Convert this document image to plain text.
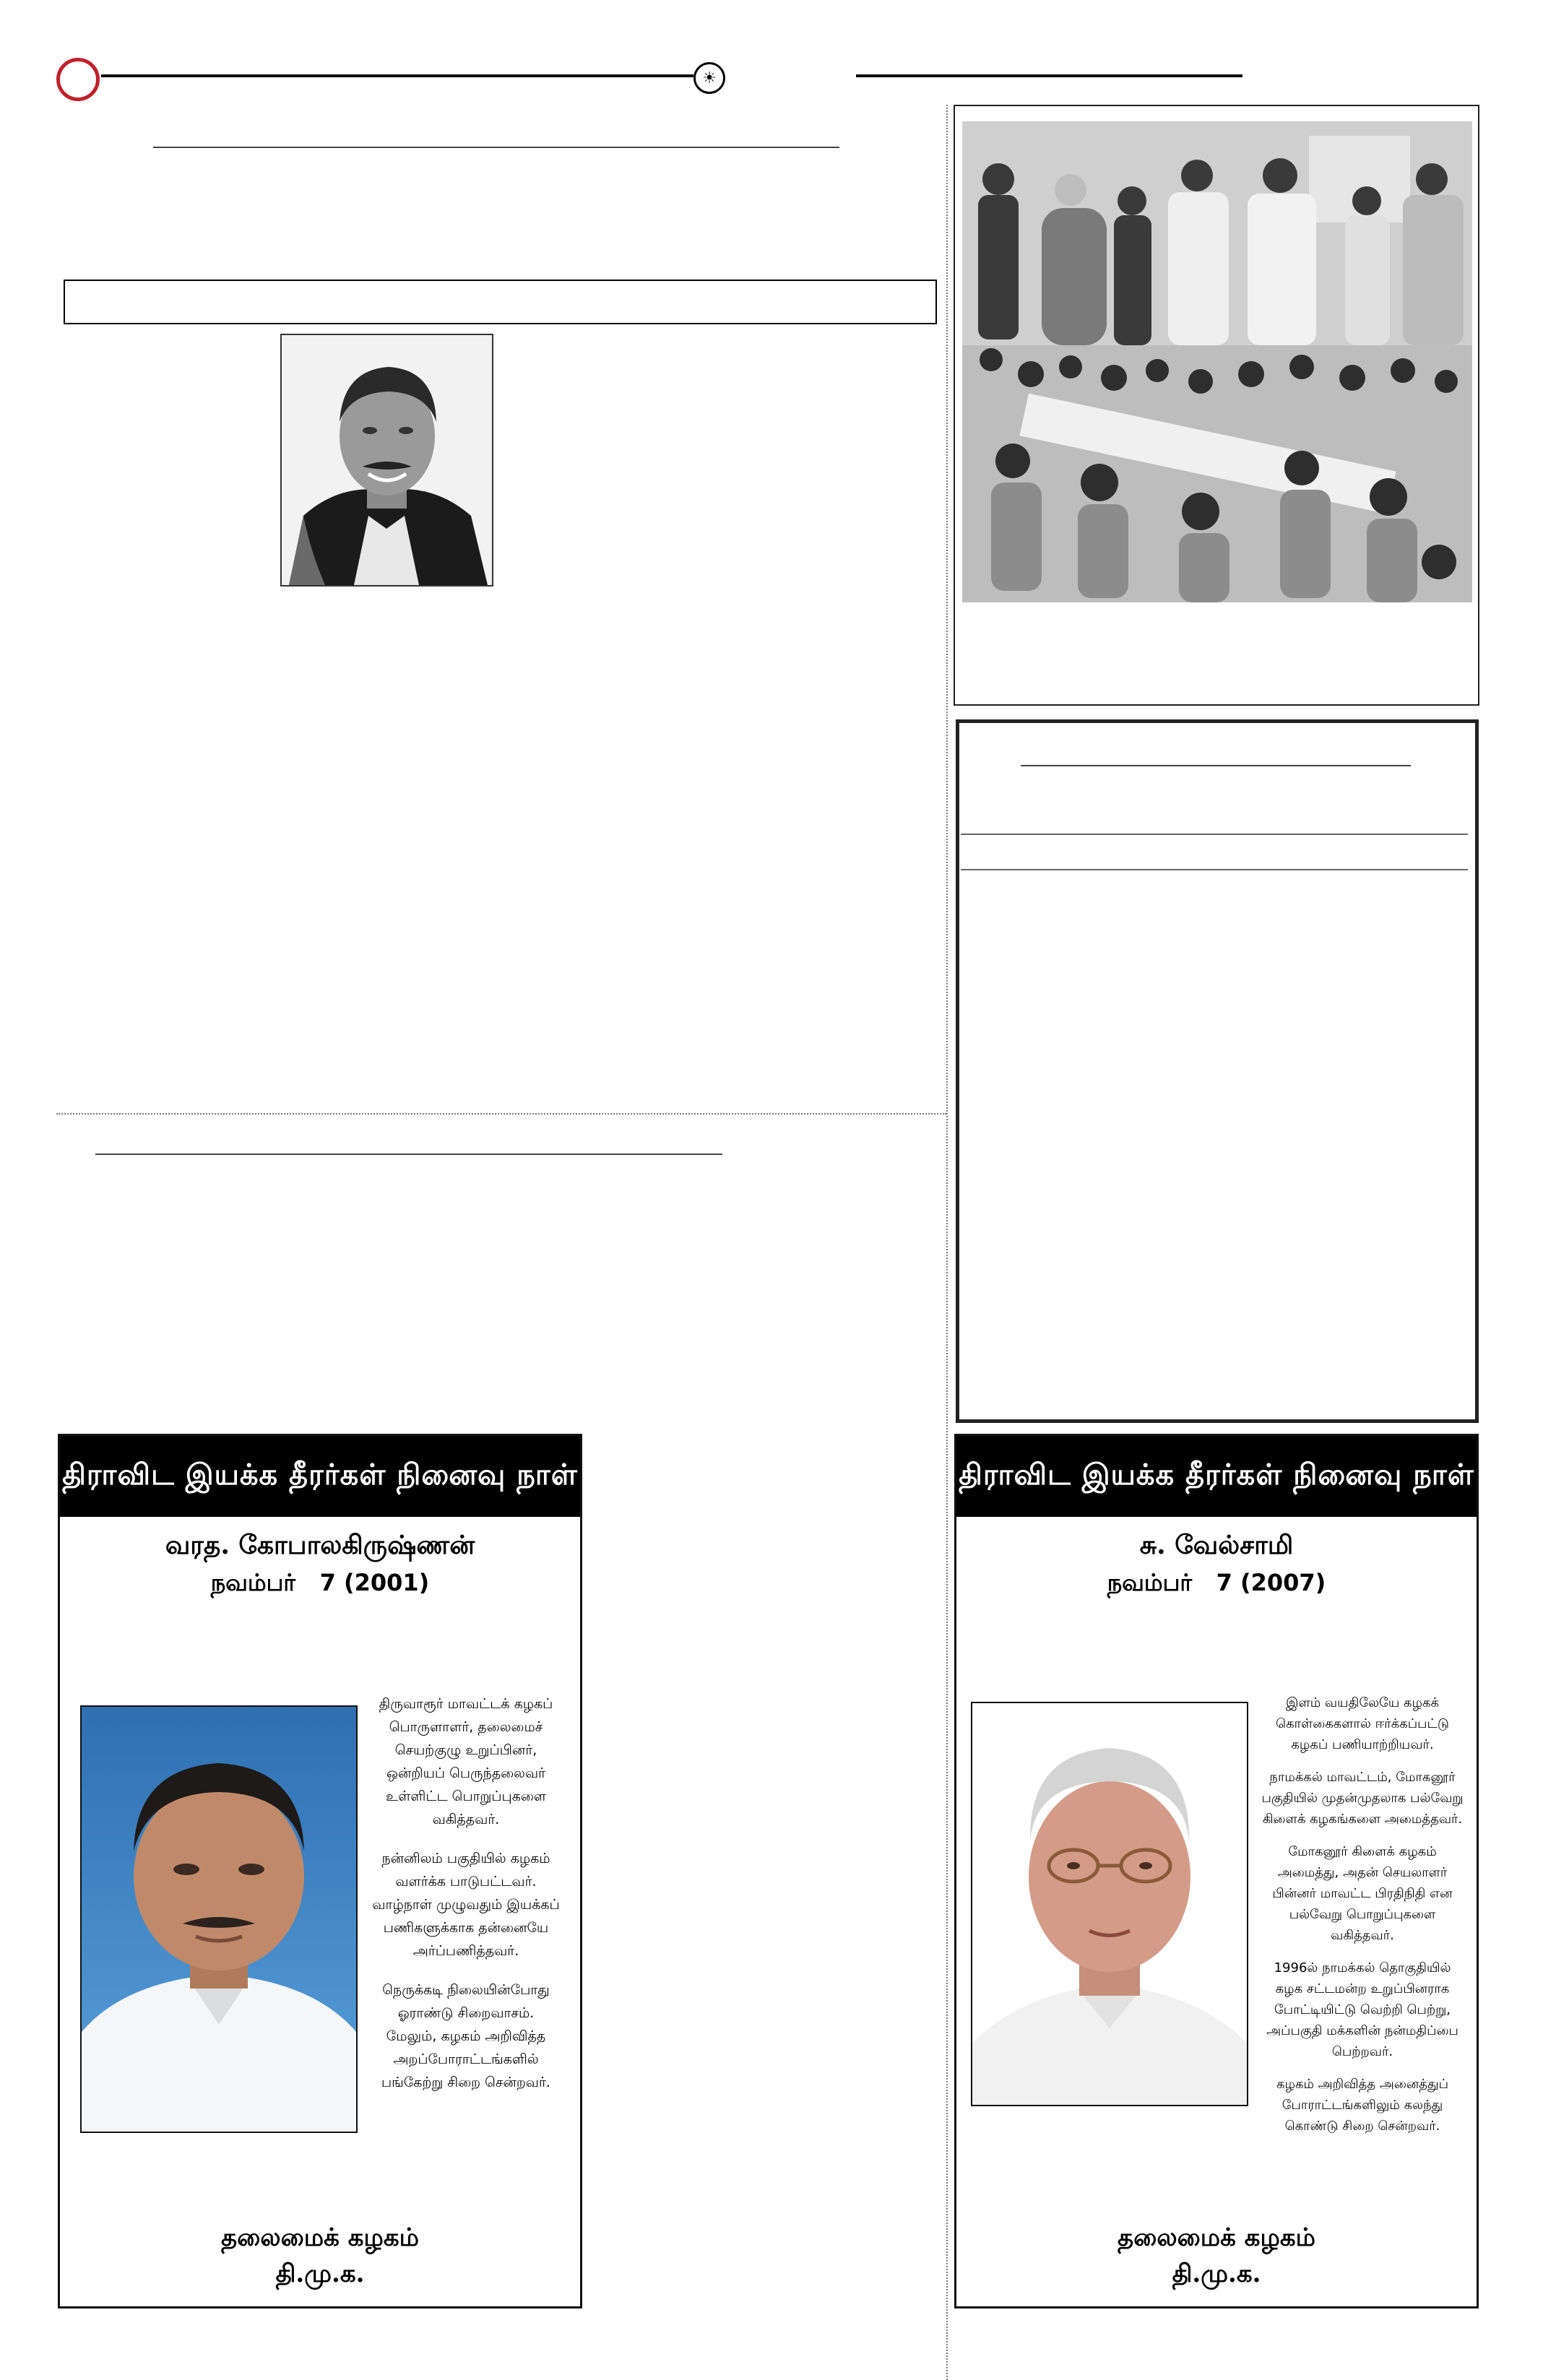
☀
திராவிட இயக்க தீரர்கள் நினைவு நாள்
வரத. கோபாலகிருஷ்ணன்
நவம்பர் 7 (2001)

திருவாரூர் மாவட்டக் கழகப் பொருளாளர், தலைமைச் செயற்குழு உறுப்பினர், ஒன்றியப் பெருந்தலைவர் உள்ளிட்ட பொறுப்புகளை வகித்தவர்.

நன்னிலம் பகுதியில் கழகம் வளர்க்க பாடுபட்டவர். வாழ்நாள் முழுவதும் இயக்கப் பணிகளுக்காக தன்னையே அர்ப்பணித்தவர்.

நெருக்கடி நிலையின்போது ஓராண்டு சிறைவாசம். மேலும், கழகம் அறிவித்த அறப்போராட்டங்களில் பங்கேற்று சிறை சென்றவர்.

தலைமைக் கழகம்
தி.மு.க.
திராவிட இயக்க தீரர்கள் நினைவு நாள்
சு. வேல்சாமி
நவம்பர் 7 (2007)

இளம் வயதிலேயே கழகக் கொள்கைகளால் ஈர்க்கப்பட்டு கழகப் பணியாற்றியவர்.

நாமக்கல் மாவட்டம், மோகனூர் பகுதியில் முதன்முதலாக பல்வேறு கிளைக் கழகங்களை அமைத்தவர்.

மோகனூர் கிளைக் கழகம் அமைத்து, அதன் செயலாளர் பின்னர் மாவட்ட பிரதிநிதி என பல்வேறு பொறுப்புகளை வகித்தவர்.

1996ல் நாமக்கல் தொகுதியில் கழக சட்டமன்ற உறுப்பினராக போட்டியிட்டு வெற்றி பெற்று, அப்பகுதி மக்களின் நன்மதிப்பை பெற்றவர்.

கழகம் அறிவித்த அனைத்துப் போராட்டங்களிலும் கலந்து கொண்டு சிறை சென்றவர்.

தலைமைக் கழகம்
தி.மு.க.
